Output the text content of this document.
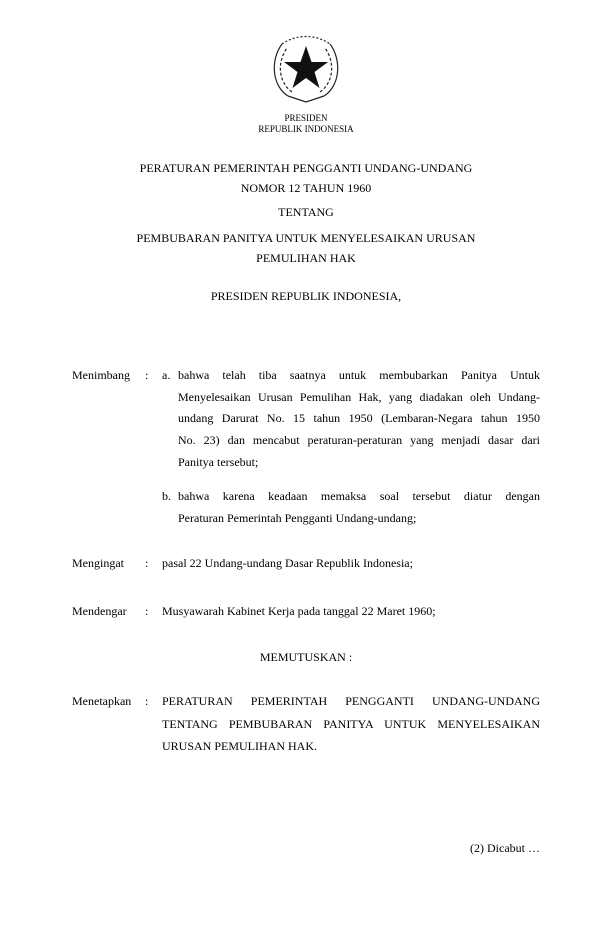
PRESIDEN
REPUBLIK INDONESIA
PERATURAN PEMERINTAH PENGGANTI UNDANG-UNDANG
NOMOR 12 TAHUN 1960
TENTANG
PEMBUBARAN PANITYA UNTUK MENYELESAIKAN URUSAN
PEMULIHAN HAK
PRESIDEN REPUBLIK INDONESIA,
Menimbang : a. bahwa telah tiba saatnya untuk membubarkan Panitya Untuk
Menyelesaikan Urusan Pemulihan Hak, yang diadakan oleh Undang-
undang Darurat No. 15 tahun 1950 (Lembaran-Negara tahun 1950
No. 23) dan mencabut peraturan-peraturan yang menjadi dasar dari
Panitya tersebut;
b. bahwa karena keadaan memaksa soal tersebut diatur dengan
Peraturan Pemerintah Pengganti Undang-undang;
Mengingat : pasal 22 Undang-undang Dasar Republik Indonesia;
Mendengar : Musyawarah Kabinet Kerja pada tanggal 22 Maret 1960;
MEMUTUSKAN :
Menetapkan : PERATURAN PEMERINTAH PENGGANTI UNDANG-UNDANG
TENTANG PEMBUBARAN PANITYA UNTUK MENYELESAIKAN
URUSAN PEMULIHAN HAK.
(2) Dicabut …
